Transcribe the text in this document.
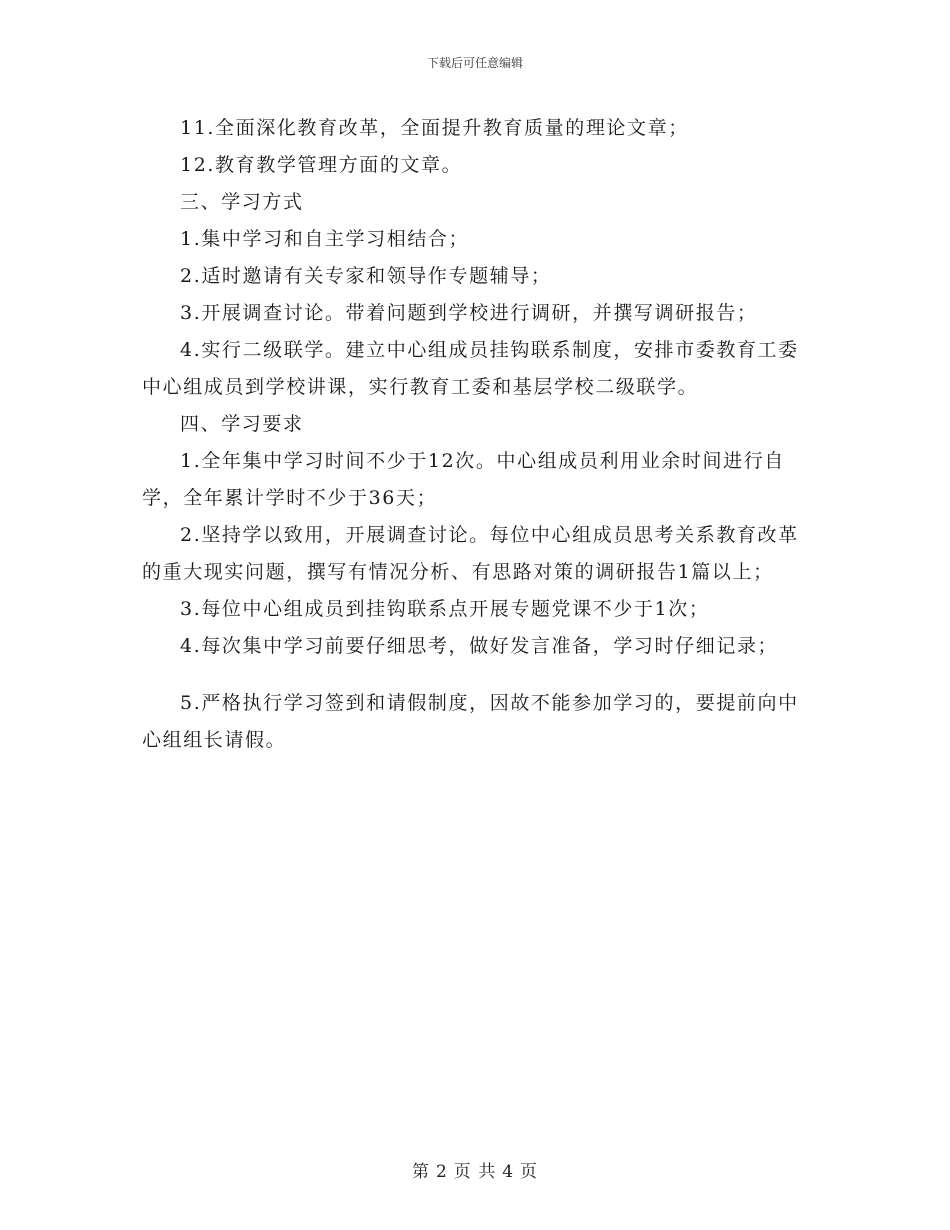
下载后可任意编辑

11.全面深化教育改革，全面提升教育质量的理论文章；

12.教育教学管理方面的文章。

三、学习方式

1.集中学习和自主学习相结合；

2.适时邀请有关专家和领导作专题辅导；

3.开展调查讨论。带着问题到学校进行调研，并撰写调研报告；

4.实行二级联学。建立中心组成员挂钩联系制度，安排市委教育工委中心组成员到学校讲课，实行教育工委和基层学校二级联学。

四、学习要求

1.全年集中学习时间不少于12次。中心组成员利用业余时间进行自学，全年累计学时不少于36天；

2.坚持学以致用，开展调查讨论。每位中心组成员思考关系教育改革的重大现实问题，撰写有情况分析、有思路对策的调研报告1篇以上；

3.每位中心组成员到挂钩联系点开展专题党课不少于1次；

4.每次集中学习前要仔细思考，做好发言准备，学习时仔细记录；

5.严格执行学习签到和请假制度，因故不能参加学习的，要提前向中心组组长请假。

第 2 页 共 4 页
